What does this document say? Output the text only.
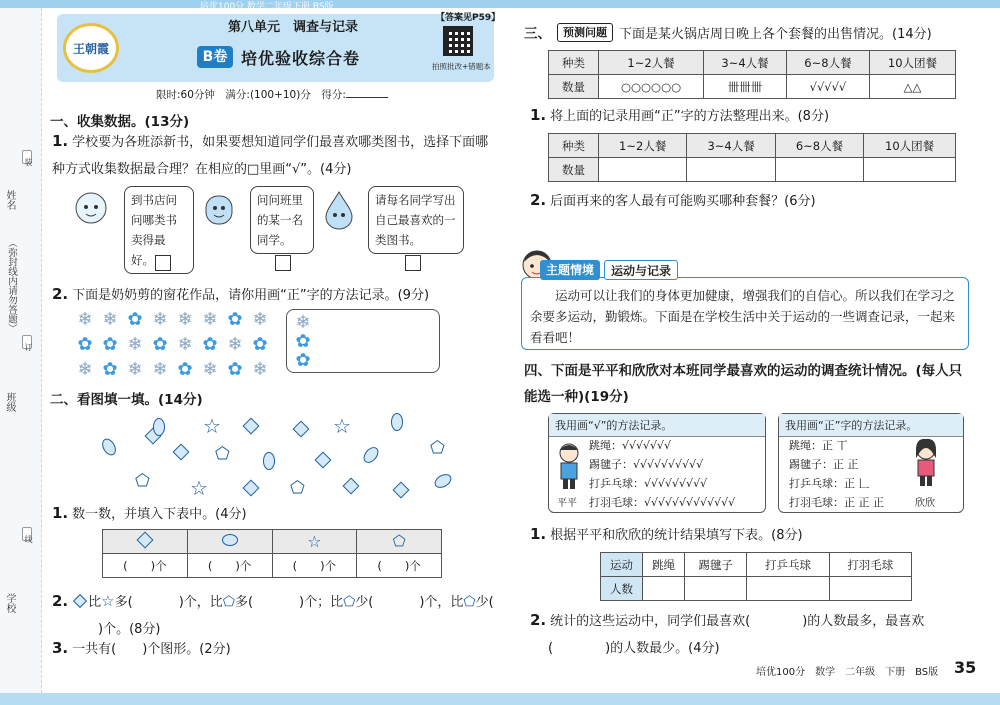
培优100分 数学二年级下册 BS版
姓名
（弥封线内请勿答题）
班级
学校
装
订
线
王朝霞
第八单元　调查与记录
B卷 培优验收综合卷
【答案见P59】
拍照批改+错题本
限时:60分钟　 满分:(100+10)分　 得分:
一、收集数据。(13分)
1. 学校要为各班添新书，如果要想知道同学们最喜欢哪类图书，选择下面哪种方式收集数据最合理？在相应的□里画“√”。(4分)
到书店问问哪类书卖得最好。
问问班里的某一名同学。
请每名同学写出自己最喜欢的一类图书。
2. 下面是奶奶剪的窗花作品，请你用画“正”字的方法记录。(9分)
❄ ❄ ✿ ❄ ❄ ❄ ✿ ❄
✿ ✿ ❄ ✿ ❄ ✿ ❄ ✿
❄ ✿ ❄ ❄ ✿ ❄ ✿ ❄
❄
✿
✿
二、看图填一填。(14分)
☆	☆
⬠
⬠
⬠ ☆	⬠
1. 数一数，并填入下表中。(4分)
		☆	⬠
(　　)个	(　　)个	(　　)个	(　　)个
2. 比☆多(	)个，比⬠多(	)个；比⬠少(	)个，比⬠少()个。(8分)
3. 一共有(　　)个图形。(2分)
三、	预测问题 下面是某火锅店周日晚上各个套餐的出售情况。(14分)
种类	1~2人餐	3~4人餐	6~8人餐	10人团餐
数量	○○○○○○	卌卌卌	√√√√√	△△
1. 将上面的记录用画“正”字的方法整理出来。(8分)
种类	1~2人餐	3~4人餐	6~8人餐	10人团餐
数量				
2. 后面再来的客人最有可能购买哪种套餐？(6分)
主题情境	运动与记录
运动可以让我们的身体更加健康，增强我们的自信心。所以我们在学习之余要多运动，勤锻炼。下面是在学校生活中关于运动的一些调查记录，一起来看看吧！
四、下面是平平和欣欣对本班同学最喜欢的运动的调查统计情况。(每人只能选一种)(19分)
我用画“√”的方法记录。
跳绳：√√√√√√√
踢毽子：√√√√√√√√√√
打乒乓球：√√√√√√√√√
打羽毛球：√√√√√√√√√√√√√
平平
我用画“正”字的方法记录。
跳绳：正 丅
踢毽子：正 正
打乒乓球：正 𠃊
打羽毛球：正 正 正	欣欣
1. 根据平平和欣欣的统计结果填写下表。(8分)
运动	跳绳	踢毽子	打乒乓球	打羽毛球
人数				
2. 统计的这些运动中，同学们最喜欢(　　　　)的人数最多，最喜欢
(　　　　)的人数最少。(4分)
培优100分　数学　二年级　下册　BS版 35
